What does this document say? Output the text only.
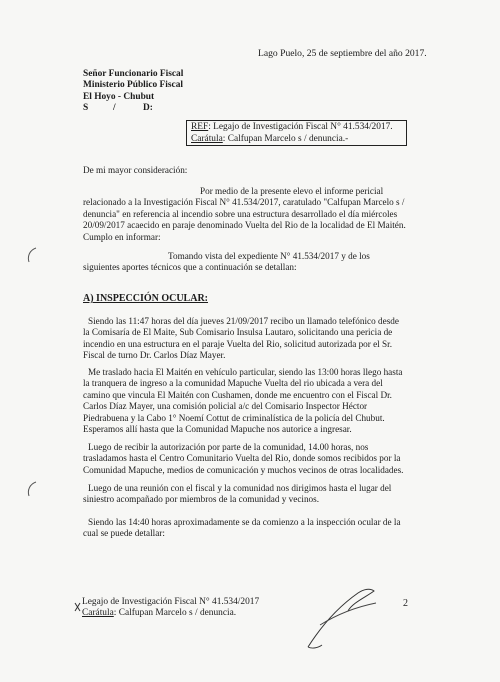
Lago Puelo, 25 de septiembre del año 2017.
Señor Funcionario Fiscal
Ministerio Público Fiscal
El Hoyo - Chubut
S	/	D:
REF: Legajo de Investigación Fiscal N° 41.534/2017.
Carátula: Calfupan Marcelo s / denuncia.-
De mi mayor consideración:
Por medio de la presente elevo el informe pericial
relacionado a la Investigación Fiscal N° 41.534/2017, caratulado "Calfupan Marcelo s /
denuncia" en referencia al incendio sobre una estructura desarrollado el día miércoles
20/09/2017 acaecido en paraje denominado Vuelta del Rio de la localidad de El Maitén.
Cumplo en informar:
Tomando vista del expediente N° 41.534/2017 y de los
siguientes aportes técnicos que a continuación se detallan:
A) INSPECCIÓN OCULAR:
Siendo las 11:47 horas del día jueves 21/09/2017 recibo un llamado telefónico desde
la Comisaría de El Maite, Sub Comisario Insulsa Lautaro, solicitando una pericia de
incendio en una estructura en el paraje Vuelta del Rio, solicitud autorizada por el Sr.
Fiscal de turno Dr. Carlos Díaz Mayer.
Me traslado hacia El Maitén en vehículo particular, siendo las 13:00 horas llego hasta
la tranquera de ingreso a la comunidad Mapuche Vuelta del rio ubicada a vera del
camino que vincula El Maitén con Cushamen, donde me encuentro con el Fiscal Dr.
Carlos Díaz Mayer, una comisión policial a/c del Comisario Inspector Héctor
Piedrabuena y la Cabo 1° Noemí Cottut de criminalística de la policía del Chubut.
Esperamos allí hasta que la Comunidad Mapuche nos autorice a ingresar.
Luego de recibir la autorización por parte de la comunidad, 14.00 horas, nos
trasladamos hasta el Centro Comunitario Vuelta del Rio, donde somos recibidos por la
Comunidad Mapuche, medios de comunicación y muchos vecinos de otras localidades.
Luego de una reunión con el fiscal y la comunidad nos dirigimos hasta el lugar del
siniestro acompañado por miembros de la comunidad y vecinos.
Siendo las 14:40 horas aproximadamente se da comienzo a la inspección ocular de la
cual se puede detallar:
Legajo de Investigación Fiscal N° 41.534/2017
Carátula: Calfupan Marcelo s / denuncia.
2
